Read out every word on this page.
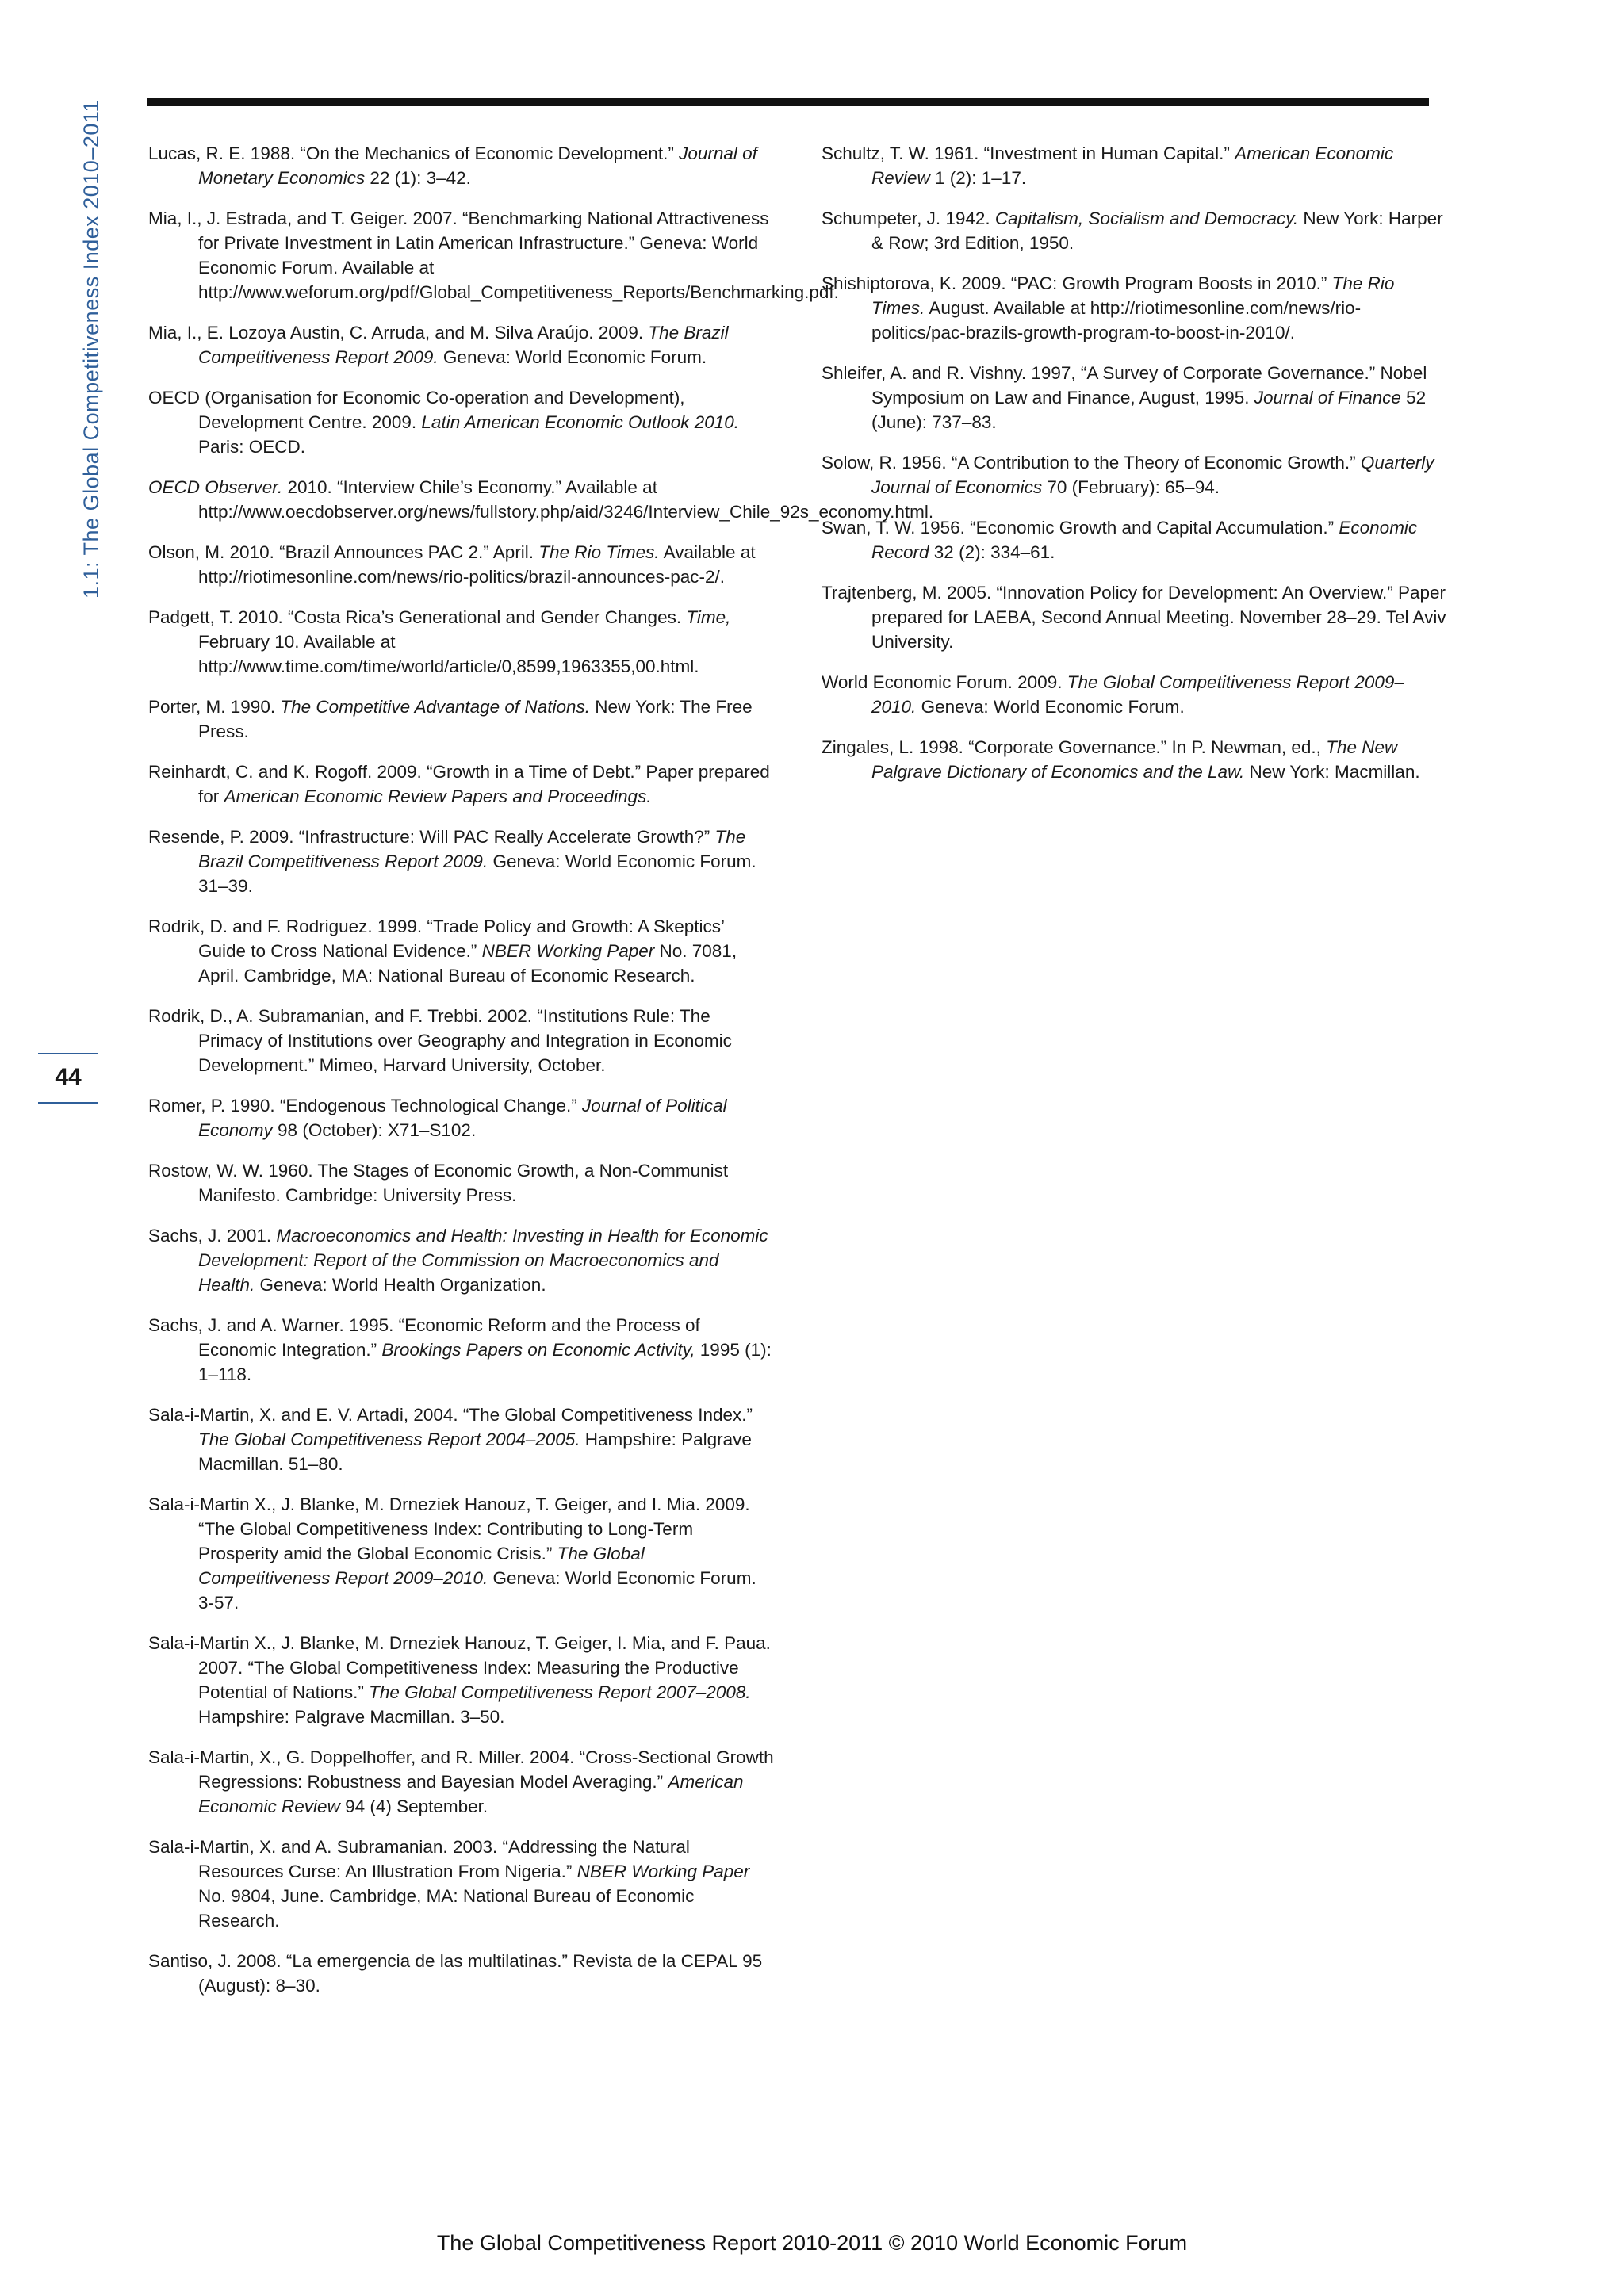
1.1: The Global Competitiveness Index 2010–2011
44

Lucas, R. E. 1988. “On the Mechanics of Economic Development.” Journal of Monetary Economics 22 (1): 3–42.

Mia, I., J. Estrada, and T. Geiger. 2007. “Benchmarking National Attractiveness for Private Investment in Latin American Infrastructure.” Geneva: World Economic Forum. Available at http://www.weforum.org/pdf/Global_Competitiveness_Reports/Benchmarking.pdf.

Mia, I., E. Lozoya Austin, C. Arruda, and M. Silva Araújo. 2009. The Brazil Competitiveness Report 2009. Geneva: World Economic Forum.

OECD (Organisation for Economic Co-operation and Development), Development Centre. 2009. Latin American Economic Outlook 2010. Paris: OECD.

OECD Observer. 2010. “Interview Chile’s Economy.” Available at http://www.oecdobserver.org/news/fullstory.php/aid/3246/Interview_Chile_92s_economy.html.

Olson, M. 2010. “Brazil Announces PAC 2.” April. The Rio Times. Available at http://riotimesonline.com/news/rio-politics/brazil-announces-pac-2/.

Padgett, T. 2010. “Costa Rica’s Generational and Gender Changes. Time, February 10. Available at http://www.time.com/time/world/article/0,8599,1963355,00.html.

Porter, M. 1990. The Competitive Advantage of Nations. New York: The Free Press.

Reinhardt, C. and K. Rogoff. 2009. “Growth in a Time of Debt.” Paper prepared for American Economic Review Papers and Proceedings.

Resende, P. 2009. “Infrastructure: Will PAC Really Accelerate Growth?” The Brazil Competitiveness Report 2009. Geneva: World Economic Forum. 31–39.

Rodrik, D. and F. Rodriguez. 1999. “Trade Policy and Growth: A Skeptics’ Guide to Cross National Evidence.” NBER Working Paper No. 7081, April. Cambridge, MA: National Bureau of Economic Research.

Rodrik, D., A. Subramanian, and F. Trebbi. 2002. “Institutions Rule: The Primacy of Institutions over Geography and Integration in Economic Development.” Mimeo, Harvard University, October.

Romer, P. 1990. “Endogenous Technological Change.” Journal of Political Economy 98 (October): X71–S102.

Rostow, W. W. 1960. The Stages of Economic Growth, a Non-Communist Manifesto. Cambridge: University Press.

Sachs, J. 2001. Macroeconomics and Health: Investing in Health for Economic Development: Report of the Commission on Macroeconomics and Health. Geneva: World Health Organization.

Sachs, J. and A. Warner. 1995. “Economic Reform and the Process of Economic Integration.” Brookings Papers on Economic Activity, 1995 (1): 1–118.

Sala-i-Martin, X. and E. V. Artadi, 2004. “The Global Competitiveness Index.” The Global Competitiveness Report 2004–2005. Hampshire: Palgrave Macmillan. 51–80.

Sala-i-Martin X., J. Blanke, M. Drneziek Hanouz, T. Geiger, and I. Mia. 2009. “The Global Competitiveness Index: Contributing to Long-Term Prosperity amid the Global Economic Crisis.” The Global Competitiveness Report 2009–2010. Geneva: World Economic Forum. 3-57.

Sala-i-Martin X., J. Blanke, M. Drneziek Hanouz, T. Geiger, I. Mia, and F. Paua. 2007. “The Global Competitiveness Index: Measuring the Productive Potential of Nations.” The Global Competitiveness Report 2007–2008. Hampshire: Palgrave Macmillan. 3–50.

Sala-i-Martin, X., G. Doppelhoffer, and R. Miller. 2004. “Cross-Sectional Growth Regressions: Robustness and Bayesian Model Averaging.” American Economic Review 94 (4) September.

Sala-i-Martin, X. and A. Subramanian. 2003. “Addressing the Natural Resources Curse: An Illustration From Nigeria.” NBER Working Paper No. 9804, June. Cambridge, MA: National Bureau of Economic Research.

Santiso, J. 2008. “La emergencia de las multilatinas.” Revista de la CEPAL 95 (August): 8–30.

Schultz, T. W. 1961. “Investment in Human Capital.” American Economic Review 1 (2): 1–17.

Schumpeter, J. 1942. Capitalism, Socialism and Democracy. New York: Harper & Row; 3rd Edition, 1950.

Shishiptorova, K. 2009. “PAC: Growth Program Boosts in 2010.” The Rio Times. August. Available at http://riotimesonline.com/news/rio-politics/pac-brazils-growth-program-to-boost-in-2010/.

Shleifer, A. and R. Vishny. 1997, “A Survey of Corporate Governance.” Nobel Symposium on Law and Finance, August, 1995. Journal of Finance 52 (June): 737–83.

Solow, R. 1956. “A Contribution to the Theory of Economic Growth.” Quarterly Journal of Economics 70 (February): 65–94.

Swan, T. W. 1956. “Economic Growth and Capital Accumulation.” Economic Record 32 (2): 334–61.

Trajtenberg, M. 2005. “Innovation Policy for Development: An Overview.” Paper prepared for LAEBA, Second Annual Meeting. November 28–29. Tel Aviv University.

World Economic Forum. 2009. The Global Competitiveness Report 2009–2010. Geneva: World Economic Forum.

Zingales, L. 1998. “Corporate Governance.” In P. Newman, ed., The New Palgrave Dictionary of Economics and the Law. New York: Macmillan.

The Global Competitiveness Report 2010-2011 © 2010 World Economic Forum
